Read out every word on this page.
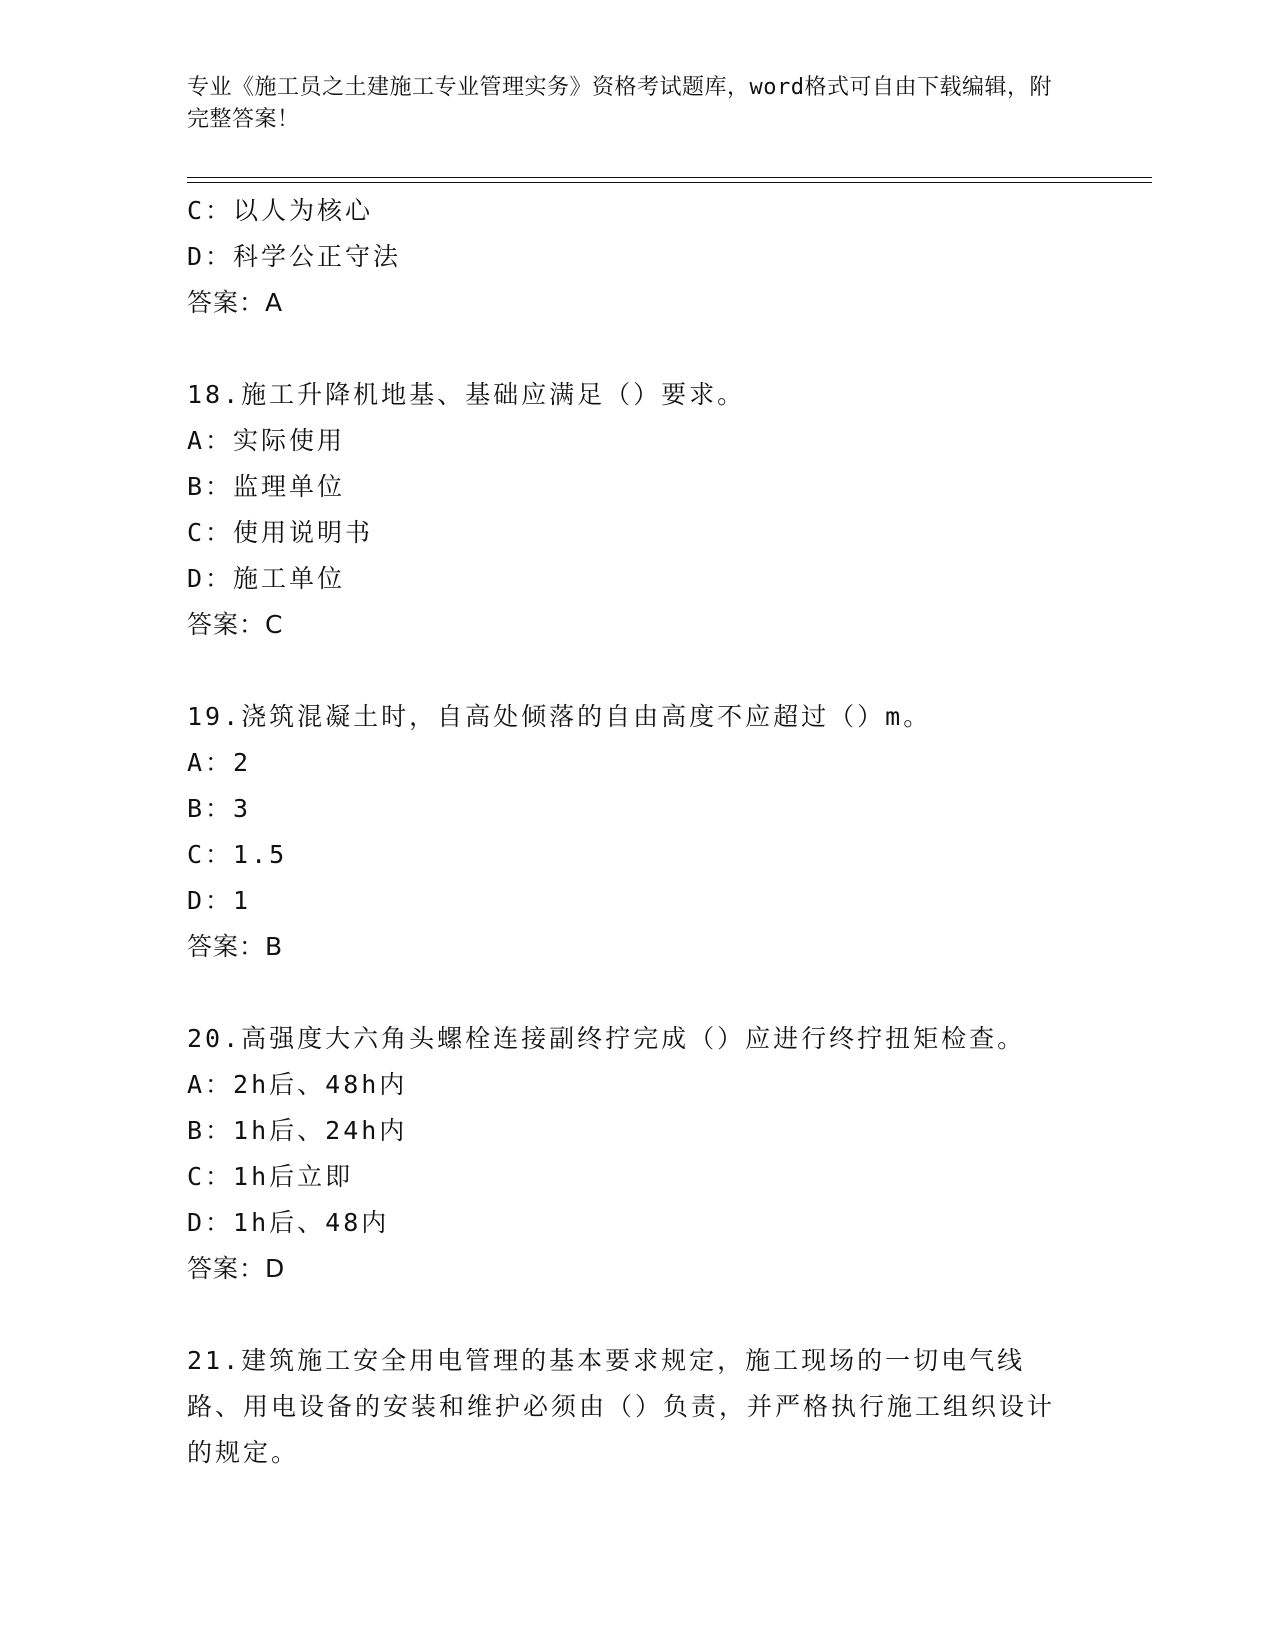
专业《施工员之土建施工专业管理实务》资格考试题库，word格式可自由下载编辑，附完整答案！
C：以人为核心
D：科学公正守法
答案：A
18.施工升降机地基、基础应满足（）要求。
A：实际使用
B：监理单位
C：使用说明书
D：施工单位
答案：C
19.浇筑混凝土时，自高处倾落的自由高度不应超过（）m。
A：2
B：3
C：1.5
D：1
答案：B
20.高强度大六角头螺栓连接副终拧完成（）应进行终拧扭矩检查。
A：2h后、48h内
B：1h后、24h内
C：1h后立即
D：1h后、48内
答案：D
21.建筑施工安全用电管理的基本要求规定，施工现场的一切电气线路、用电设备的安装和维护必须由（）负责，并严格执行施工组织设计的规定。
